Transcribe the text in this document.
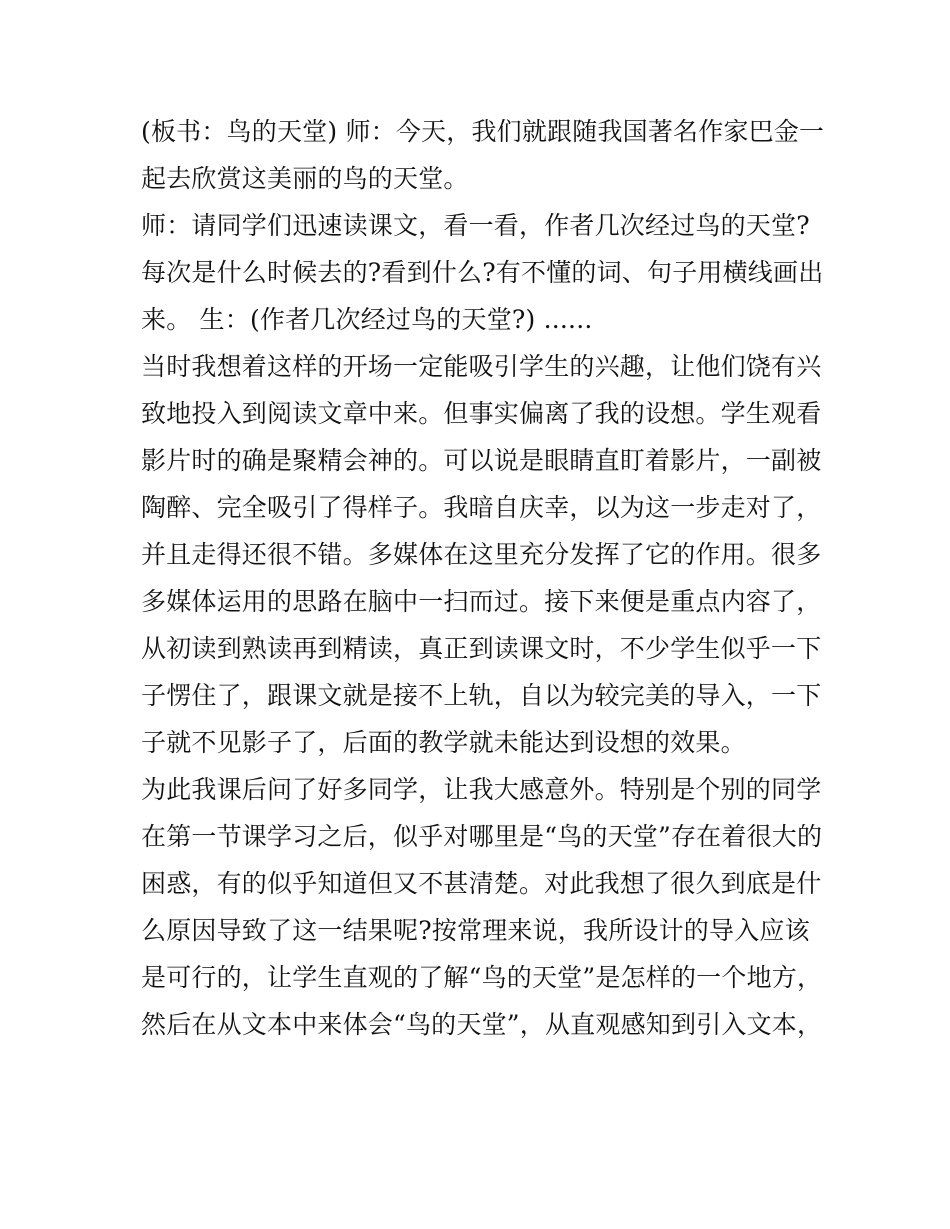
(板书：鸟的天堂) 师：今天，我们就跟随我国著名作家巴金一
起去欣赏这美丽的鸟的天堂。
师：请同学们迅速读课文，看一看，作者几次经过鸟的天堂?
每次是什么时候去的?看到什么?有不懂的词、句子用横线画出
来。 生：(作者几次经过鸟的天堂?) ......
当时我想着这样的开场一定能吸引学生的兴趣，让他们饶有兴
致地投入到阅读文章中来。但事实偏离了我的设想。学生观看
影片时的确是聚精会神的。可以说是眼睛直盯着影片，一副被
陶醉、完全吸引了得样子。我暗自庆幸，以为这一步走对了，
并且走得还很不错。多媒体在这里充分发挥了它的作用。很多
多媒体运用的思路在脑中一扫而过。接下来便是重点内容了，
从初读到熟读再到精读，真正到读课文时，不少学生似乎一下
子愣住了，跟课文就是接不上轨，自以为较完美的导入，一下
子就不见影子了，后面的教学就未能达到设想的效果。
为此我课后问了好多同学，让我大感意外。特别是个别的同学
在第一节课学习之后，似乎对哪里是“鸟的天堂”存在着很大的
困惑，有的似乎知道但又不甚清楚。对此我想了很久到底是什
么原因导致了这一结果呢?按常理来说，我所设计的导入应该
是可行的，让学生直观的了解“鸟的天堂”是怎样的一个地方，
然后在从文本中来体会“鸟的天堂”，从直观感知到引入文本，
